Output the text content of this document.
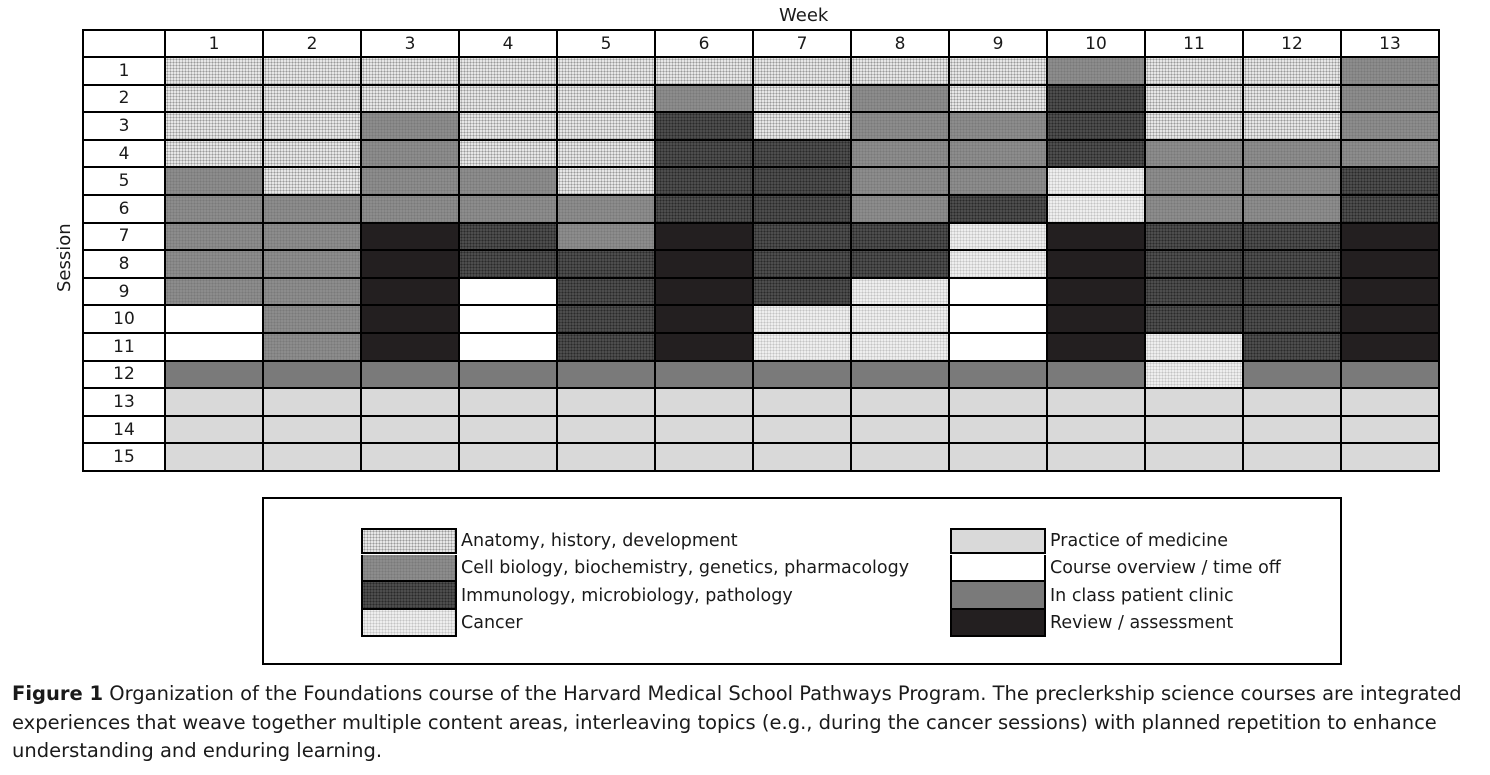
Week
Session
1	2	3	4	5	6	7	8	9	10	11	12	13
1
2
3
4
5
6
7
8
9
10
11
12
13
14
15
Anatomy, history, development
Cell biology, biochemistry, genetics, pharmacology
Immunology, microbiology, pathology
Cancer
Practice of medicine
Course overview / time off
In class patient clinic
Review / assessment
Figure 1 Organization of the Foundations course of the Harvard Medical School Pathways Program. The preclerkship science courses are integrated experiences that weave together multiple content areas, interleaving topics (e.g., during the cancer sessions) with planned repetition to enhance understanding and enduring learning.
